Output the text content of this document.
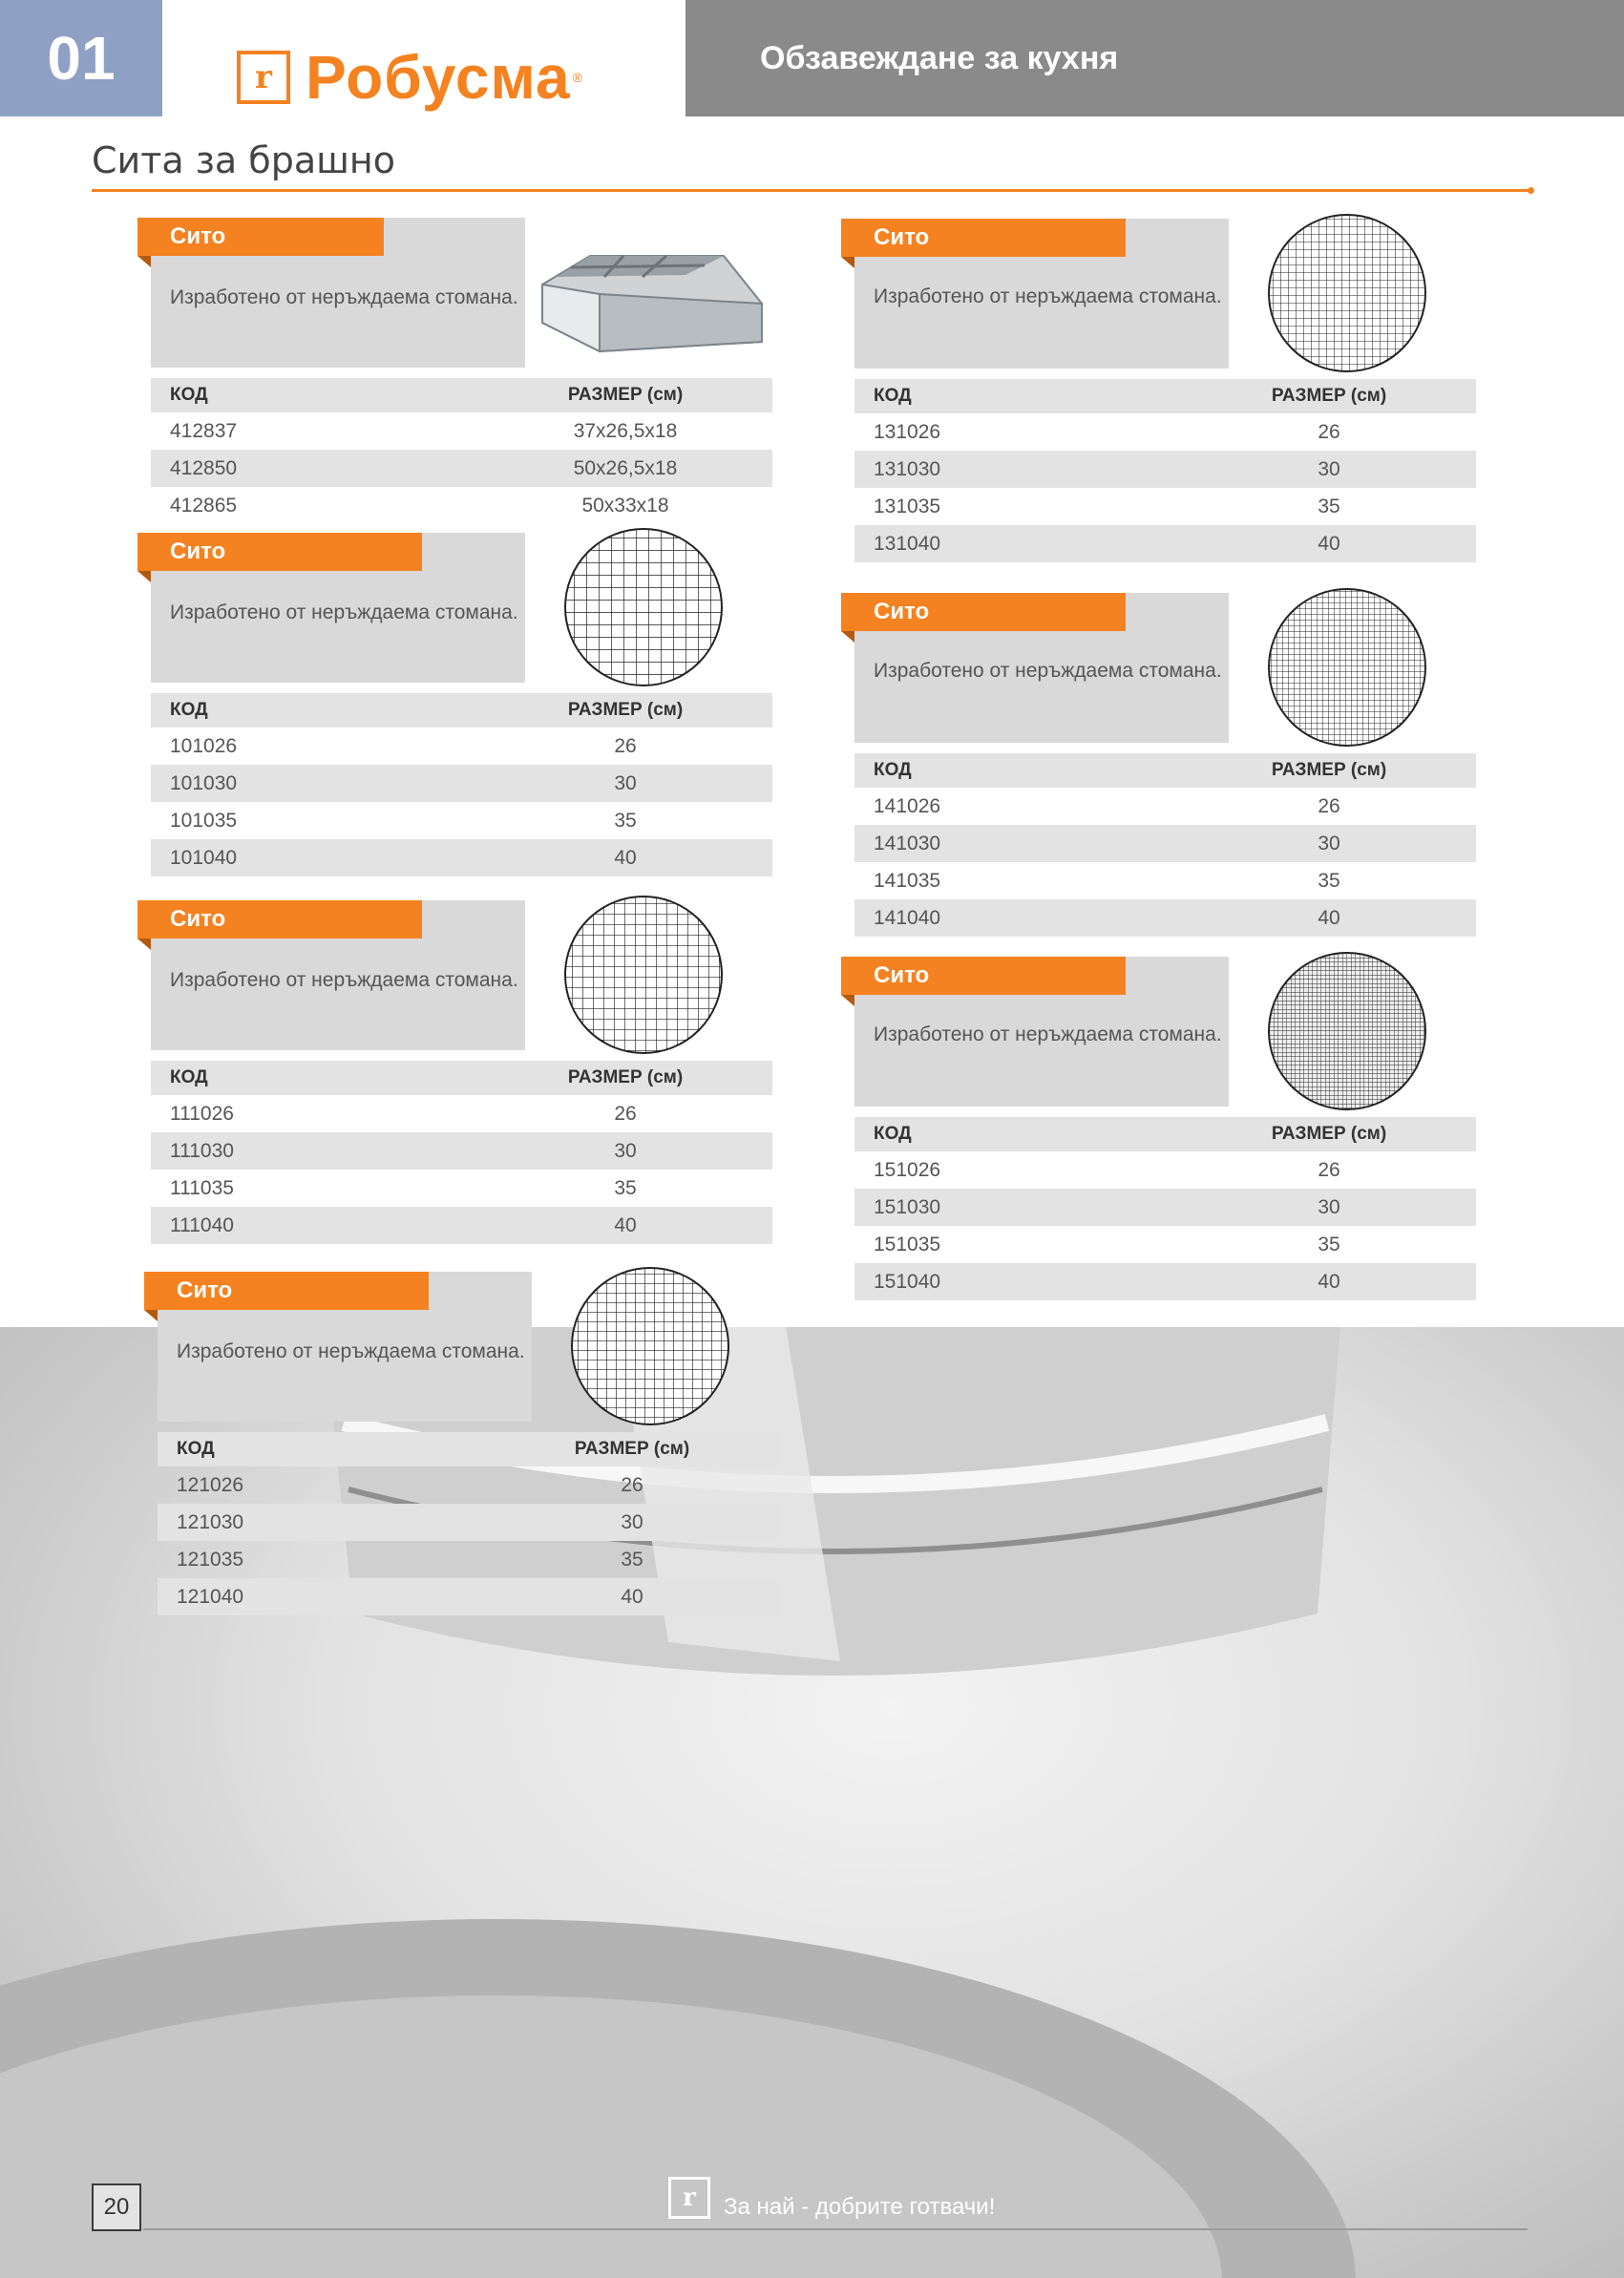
01	r Робусма ®
Обзавеждане за кухня
Сита за брашно
Сито
Изработено от неръждаема стомана.
КОД	РАЗМЕР (см)
412837	37x26,5x18
412850	50x26,5x18
412865	50x33x18
Сито
Изработено от неръждаема стомана.
КОД	РАЗМЕР (см)
101026	26
101030	30
101035	35
101040	40
Сито
Изработено от неръждаема стомана.
КОД	РАЗМЕР (см)
111026	26
111030	30
111035	35
111040	40
Сито
Изработено от неръждаема стомана.
КОД	РАЗМЕР (см)
121026	26
121030	30
121035	35
121040	40
Сито
Изработено от неръждаема стомана.
КОД	РАЗМЕР (см)
131026	26
131030	30
131035	35
131040	40
Сито
Изработено от неръждаема стомана.
КОД	РАЗМЕР (см)
141026	26
141030	30
141035	35
141040	40
Сито
Изработено от неръждаема стомана.
КОД	РАЗМЕР (см)
151026	26
151030	30
151035	35
151040	40
20	r	За най - добрите готвачи!
